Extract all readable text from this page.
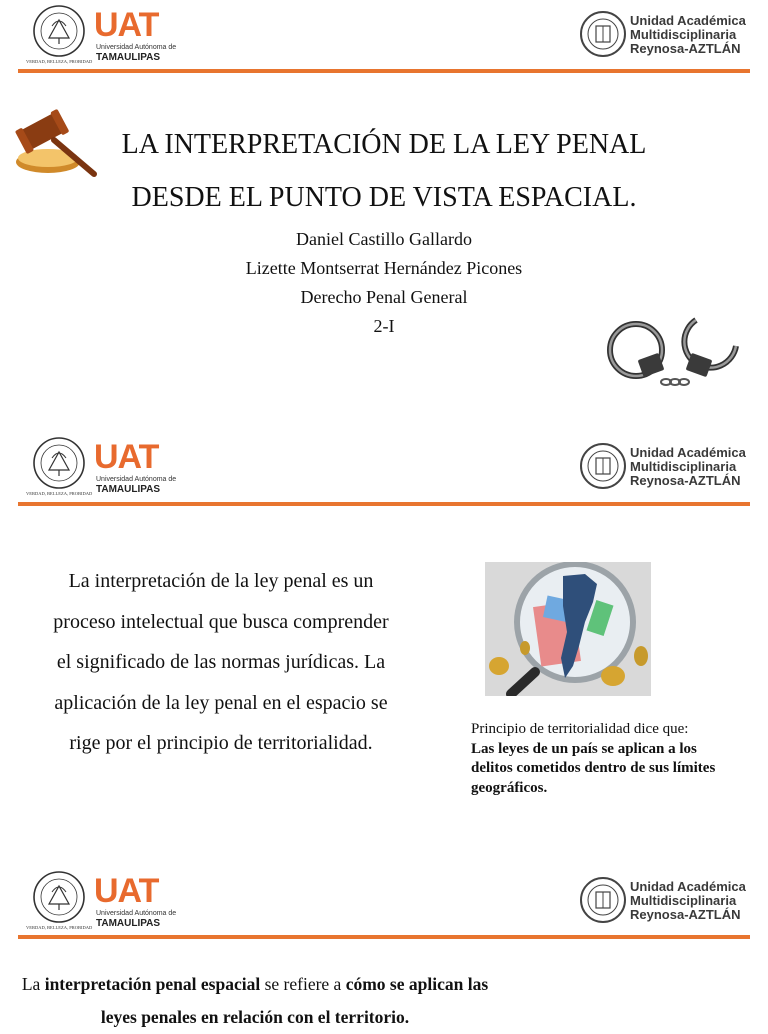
UAT
Universidad Autónoma de
TAMAULIPAS
VERDAD, BELLEZA, PROBIDAD
Unidad Académica
Multidisciplinaria
Reynosa-AZTLÁN
LA INTERPRETACIÓN DE LA LEY PENAL
DESDE EL PUNTO DE VISTA ESPACIAL.
Daniel Castillo Gallardo
Lizette Montserrat Hernández Picones
Derecho Penal General
2-I
UAT
Universidad Autónoma de
TAMAULIPAS
VERDAD, BELLEZA, PROBIDAD
Unidad Académica
Multidisciplinaria
Reynosa-AZTLÁN
La interpretación de la ley penal es un proceso intelectual que busca comprender el significado de las normas jurídicas. La aplicación de la ley penal en el espacio se rige por el principio de territorialidad.
Principio de territorialidad dice que:
Las leyes de un país se aplican a los delitos cometidos dentro de sus límites geográficos.
UAT
Universidad Autónoma de
TAMAULIPAS
VERDAD, BELLEZA, PROBIDAD
Unidad Académica
Multidisciplinaria
Reynosa-AZTLÁN
La interpretación penal espacial se refiere a cómo se aplican las leyes penales en relación con el territorio.
